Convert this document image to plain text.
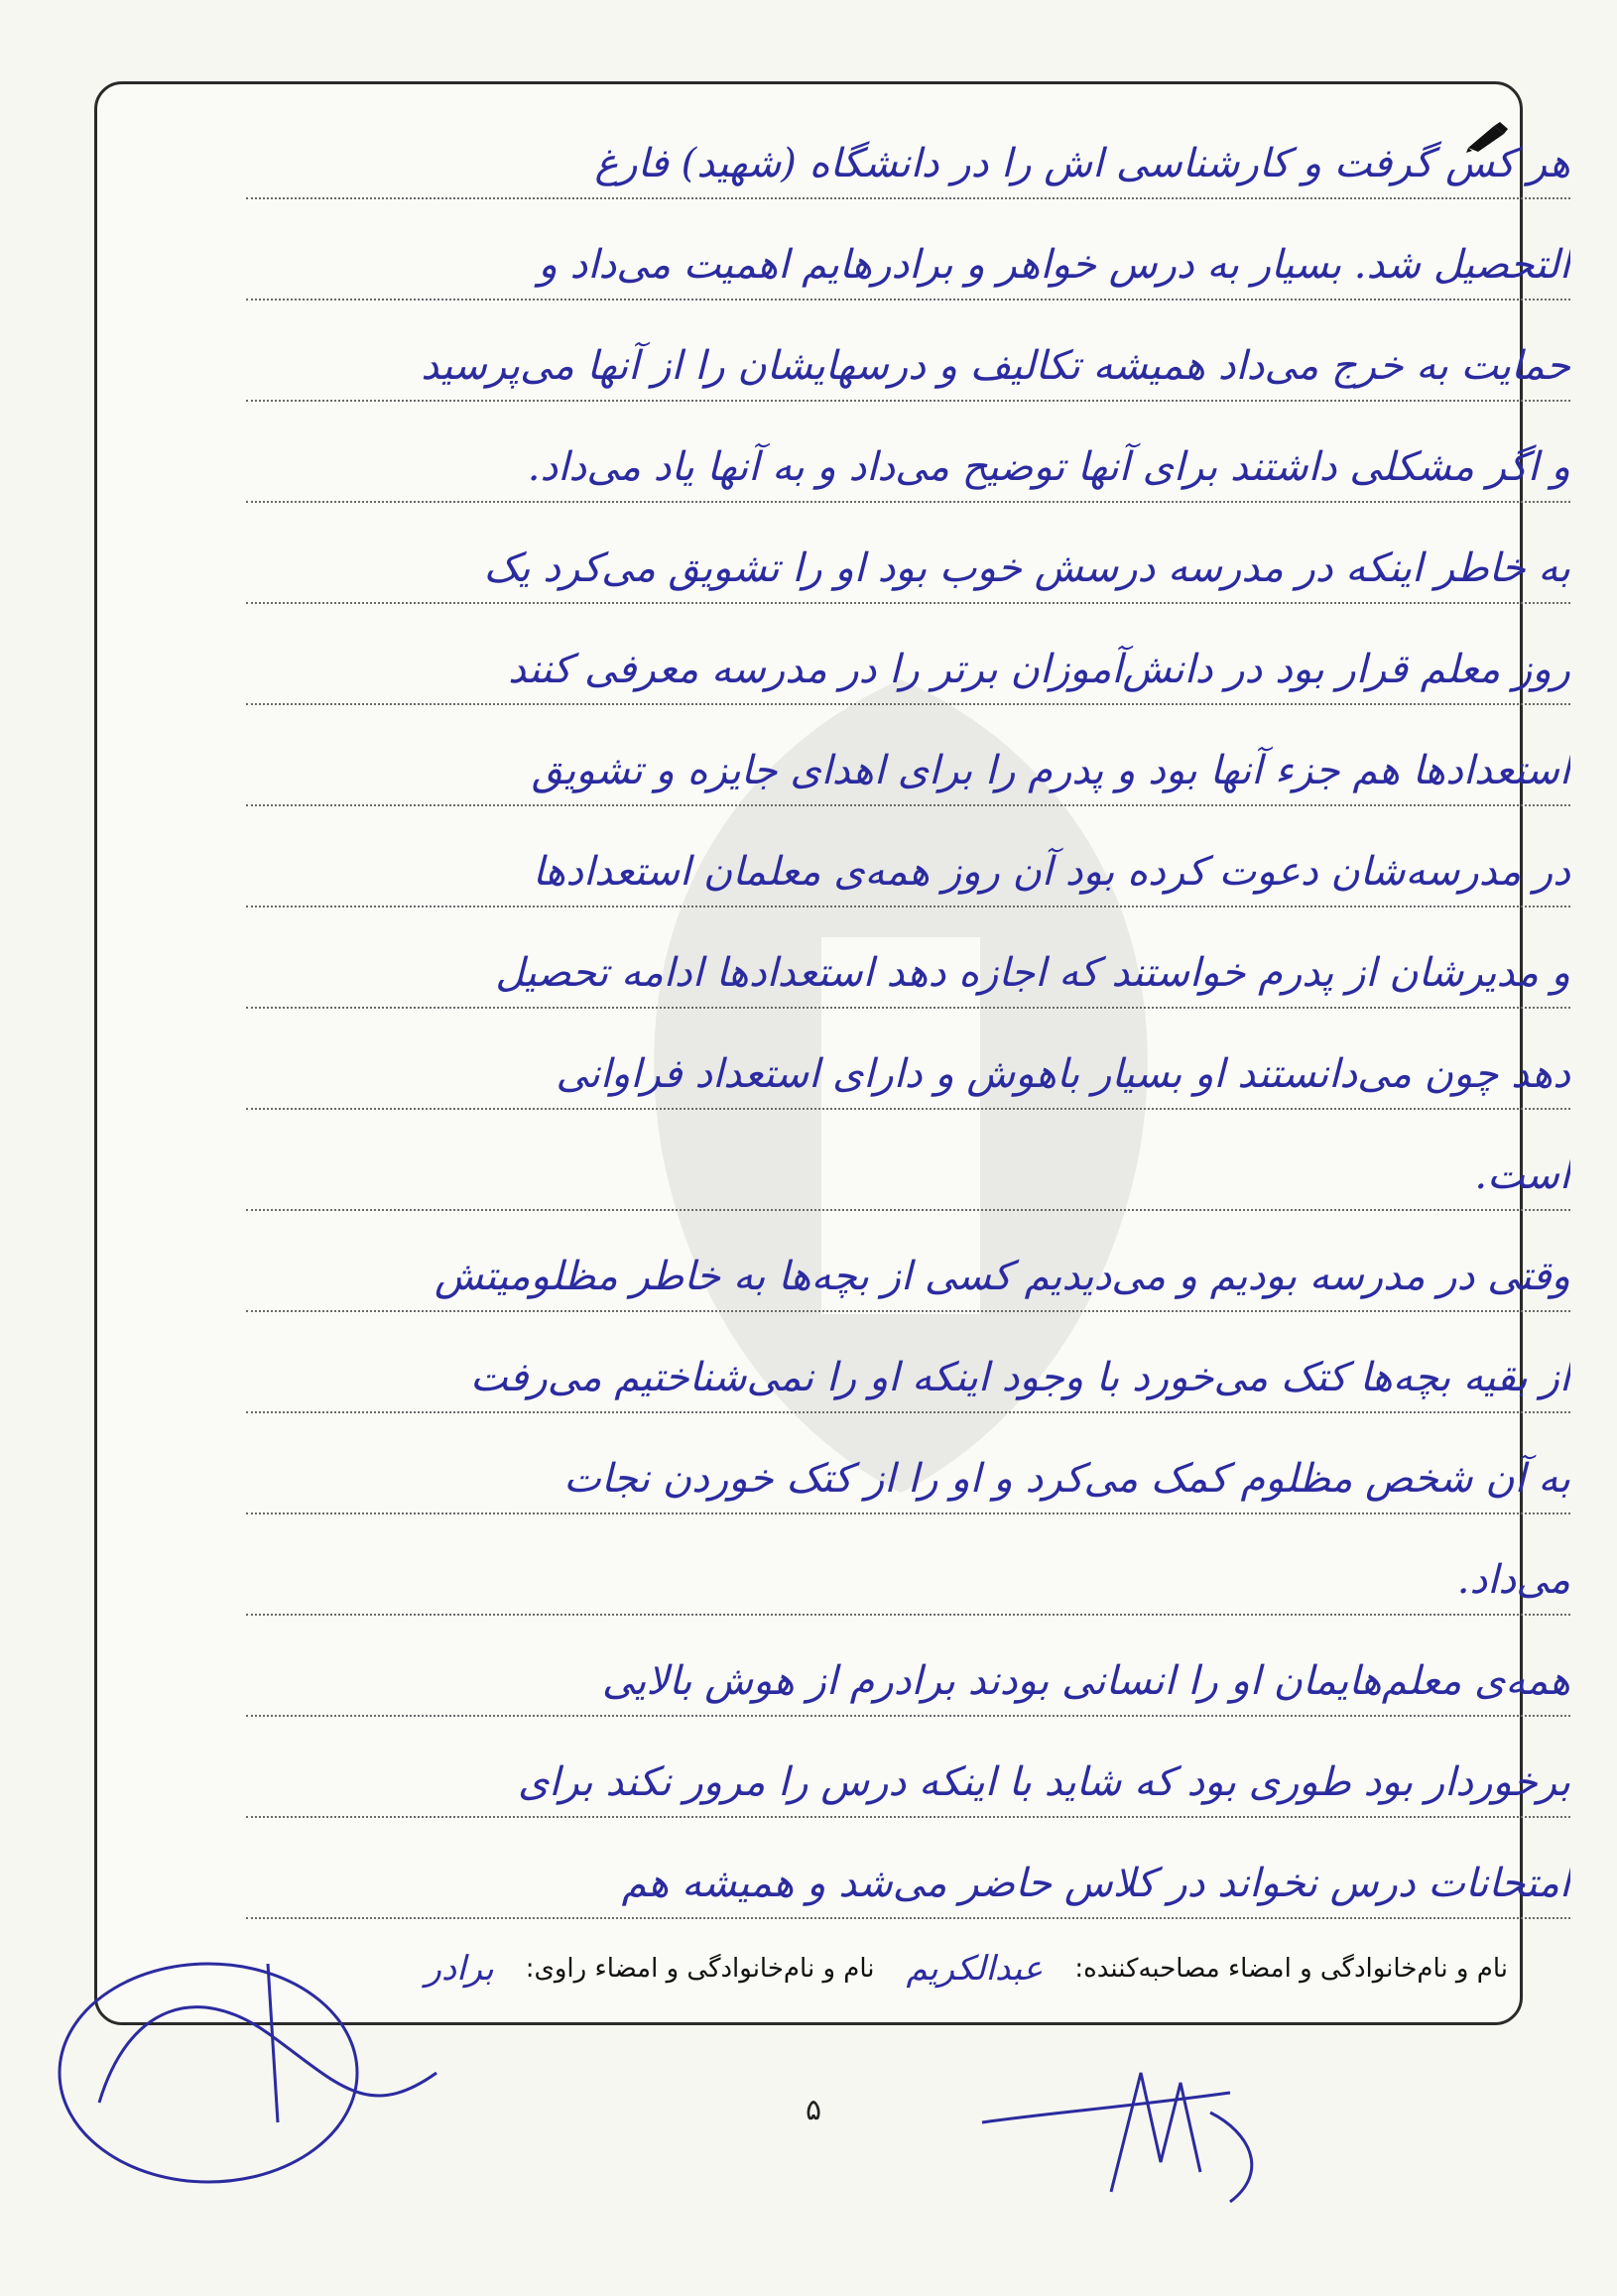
هر کس گرفت و کارشناسی اش را در دانشگاه (شهید) فارغ
التحصیل شد. بسیار به درس خواهر و برادرهایم اهمیت می‌داد و
حمایت به خرج می‌داد همیشه تکالیف و درسهایشان را از آنها می‌پرسید
و اگر مشکلی داشتند برای آنها توضیح می‌داد و به آنها یاد می‌داد.
به خاطر اینکه در مدرسه درسش خوب بود او را تشویق می‌کرد یک
روز معلم قرار بود در دانش‌آموزان برتر را در مدرسه معرفی کنند
استعدادها هم جزء آنها بود و پدرم را برای اهدای جایزه و تشویق
در مدرسه‌شان دعوت کرده بود آن روز همه‌ی معلمان استعدادها
و مدیرشان از پدرم خواستند که اجازه دهد استعدادها ادامه تحصیل
دهد چون می‌دانستند او بسیار باهوش و دارای استعداد فراوانی
است.
وقتی در مدرسه بودیم و می‌دیدیم کسی از بچه‌ها به خاطر مظلومیتش
از بقیه بچه‌ها کتک می‌خورد با وجود اینکه او را نمی‌شناختیم می‌رفت
به آن شخص مظلوم کمک می‌کرد و او را از کتک خوردن نجات
می‌داد.
همه‌ی معلم‌هایمان او را انسانی بودند برادرم از هوش بالایی
برخوردار بود طوری بود که شاید با اینکه درس را مرور نکند برای
امتحانات درس نخواند در کلاس حاضر می‌شد و همیشه هم
نام و نام‌خانوادگی و امضاء مصاحبه‌کننده:
عبدالکریم
نام و نام‌خانوادگی و امضاء راوی:
برادر
۵
